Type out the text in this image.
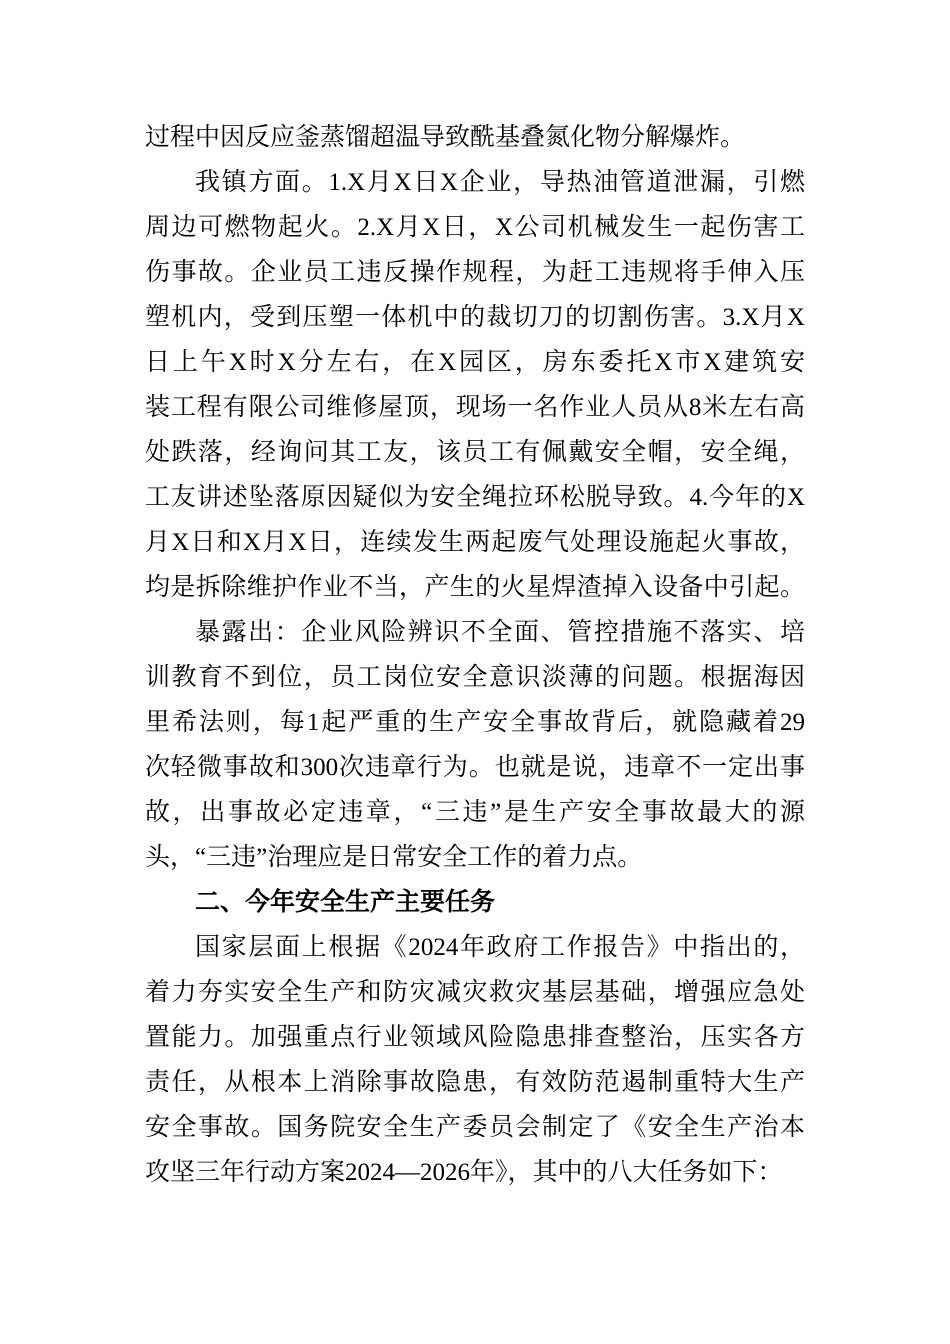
过程中因反应釜蒸馏超温导致酰基叠氮化物分解爆炸。
我镇方面。1.X月X日X企业，导热油管道泄漏，引燃
周边可燃物起火。2.X月X日，X公司机械发生一起伤害工
伤事故。企业员工违反操作规程，为赶工违规将手伸入压
塑机内，受到压塑一体机中的裁切刀的切割伤害。3.X月X
日上午X时X分左右，在X园区，房东委托X市X建筑安
装工程有限公司维修屋顶，现场一名作业人员从8米左右高
处跌落，经询问其工友，该员工有佩戴安全帽，安全绳，
工友讲述坠落原因疑似为安全绳拉环松脱导致。4.今年的X
月X日和X月X日，连续发生两起废气处理设施起火事故，
均是拆除维护作业不当，产生的火星焊渣掉入设备中引起。
暴露出：企业风险辨识不全面、管控措施不落实、培
训教育不到位，员工岗位安全意识淡薄的问题。根据海因
里希法则，每1起严重的生产安全事故背后，就隐藏着29
次轻微事故和300次违章行为。也就是说，违章不一定出事
故，出事故必定违章，“三违”是生产安全事故最大的源
头，“三违”治理应是日常安全工作的着力点。
二、今年安全生产主要任务
国家层面上根据《2024年政府工作报告》中指出的，
着力夯实安全生产和防灾减灾救灾基层基础，增强应急处
置能力。加强重点行业领域风险隐患排查整治，压实各方
责任，从根本上消除事故隐患，有效防范遏制重特大生产
安全事故。国务院安全生产委员会制定了《安全生产治本
攻坚三年行动方案2024—2026年》，其中的八大任务如下：
